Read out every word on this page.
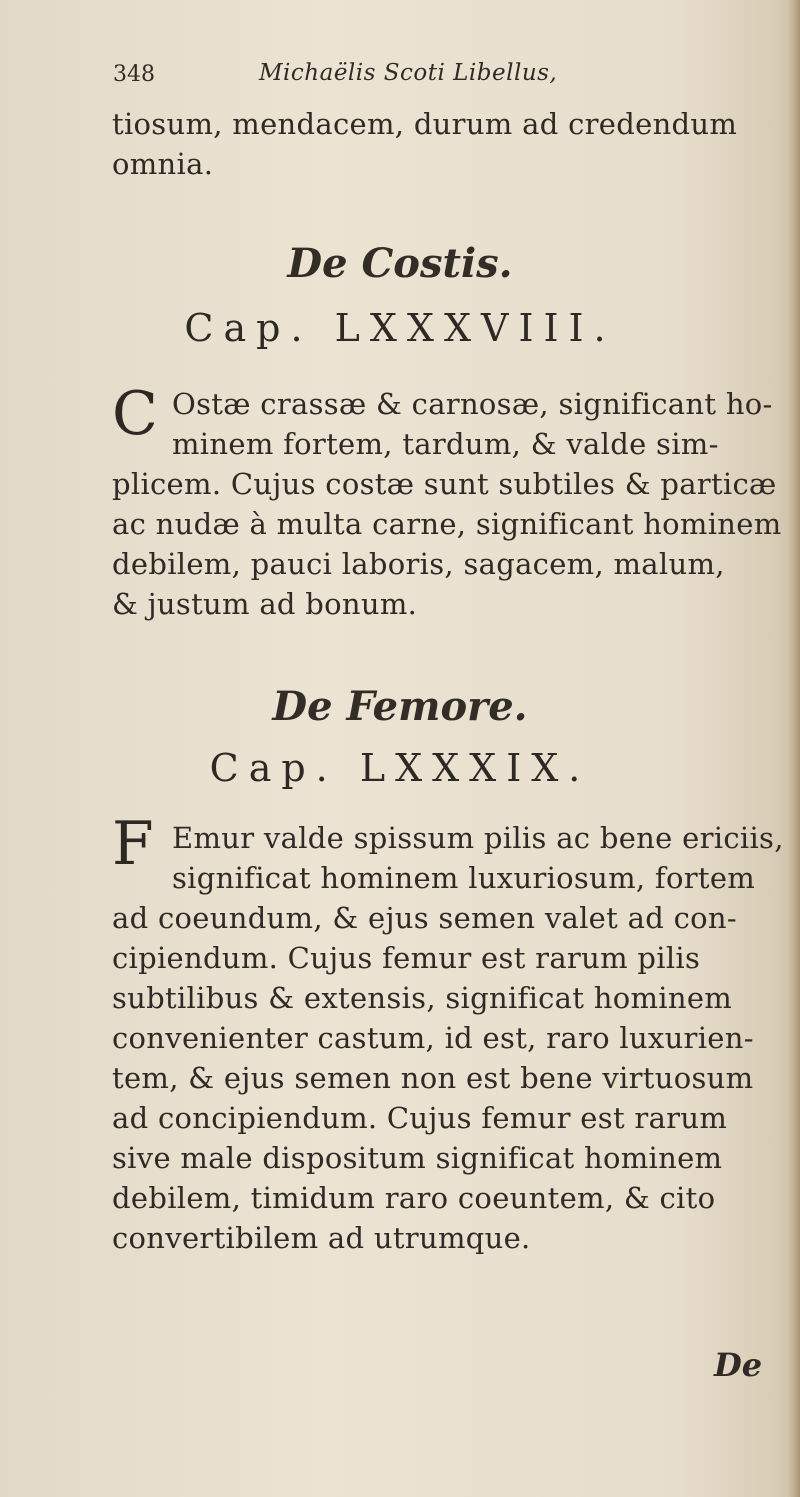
348	Michaëlis Scoti Libellus,
tiosum, mendacem, durum ad credendum
omnia.
De Costis.
Cap. LXXXVIII.
C Ostæ crassæ & carnosæ, significant ho-
minem fortem, tardum, & valde sim-
plicem. Cujus costæ sunt subtiles & particæ
ac nudæ à multa carne, significant hominem
debilem, pauci laboris, sagacem, malum,
& justum ad bonum.
De Femore.
Cap. LXXXIX.
F Emur valde spissum pilis ac bene ericiis,
significat hominem luxuriosum, fortem
ad coeundum, & ejus semen valet ad con-
cipiendum. Cujus femur est rarum pilis
subtilibus & extensis, significat hominem
convenienter castum, id est, raro luxurien-
tem, & ejus semen non est bene virtuosum
ad concipiendum. Cujus femur est rarum
sive male dispositum significat hominem
debilem, timidum raro coeuntem, & cito
convertibilem ad utrumque.
De
